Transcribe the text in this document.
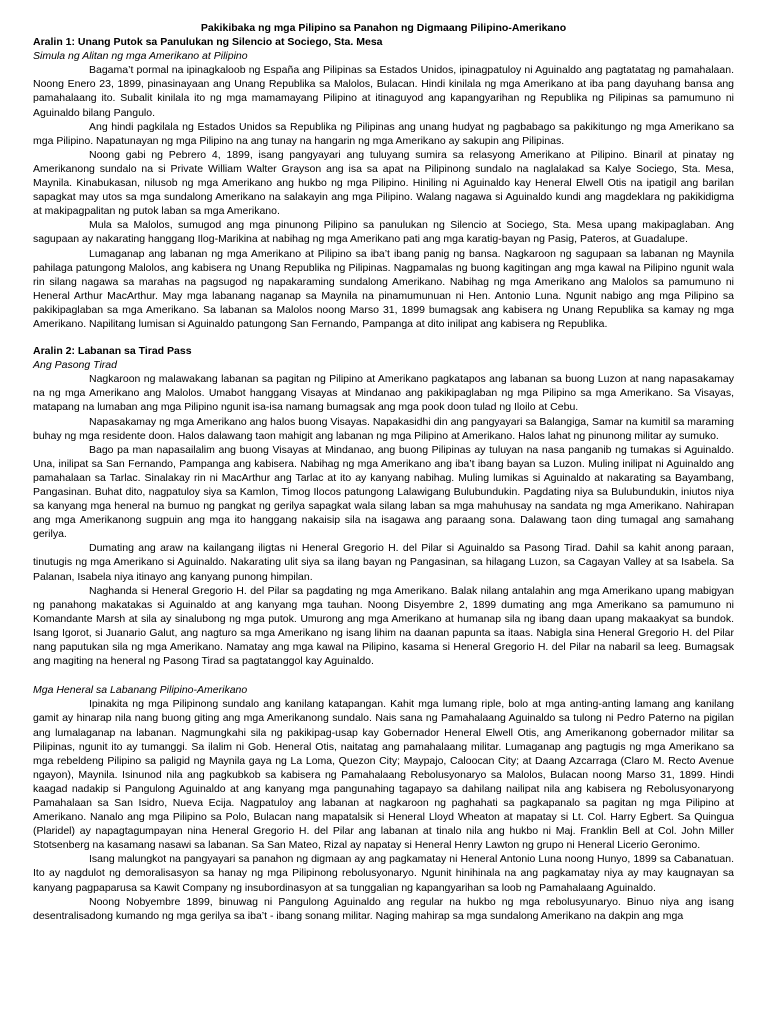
Pakikibaka ng mga Pilipino sa Panahon ng Digmaang Pilipino-Amerikano

Aralin 1: Unang Putok sa Panulukan ng Silencio at Sociego, Sta. Mesa

Simula ng Alitan ng mga Amerikano at Pilipino

Bagama’t pormal na ipinagkaloob ng España ang Pilipinas sa Estados Unidos, ipinagpatuloy ni Aguinaldo ang pagtatatag ng pamahalaan. Noong Enero 23, 1899, pinasinayaan ang Unang Republika sa Malolos, Bulacan. Hindi kinilala ng mga Amerikano at iba pang dayuhang bansa ang pamahalaang ito. Subalit kinilala ito ng mga mamamayang Pilipino at itinaguyod ang kapangyarihan ng Republika ng Pilipinas sa pamumuno ni Aguinaldo bilang Pangulo.

Ang hindi pagkilala ng Estados Unidos sa Republika ng Pilipinas ang unang hudyat ng pagbabago sa pakikitungo ng mga Amerikano sa mga Pilipino. Napatunayan ng mga Pilipino na ang tunay na hangarin ng mga Amerikano ay sakupin ang Pilipinas.

Noong gabi ng Pebrero 4, 1899, isang pangyayari ang tuluyang sumira sa relasyong Amerikano at Pilipino. Binaril at pinatay ng Amerikanong sundalo na si Private William Walter Grayson ang isa sa apat na Pilipinong sundalo na naglalakad sa Kalye Sociego, Sta. Mesa, Maynila. Kinabukasan, nilusob ng mga Amerikano ang hukbo ng mga Pilipino. Hiniling ni Aguinaldo kay Heneral Elwell Otis na ipatigil ang barilan sapagkat may utos sa mga sundalong Amerikano na salakayin ang mga Pilipino. Walang nagawa si Aguinaldo kundi ang magdeklara ng pakikidigma at makipagpalitan ng putok laban sa mga Amerikano.

Mula sa Malolos, sumugod ang mga pinunong Pilipino sa panulukan ng Silencio at Sociego, Sta. Mesa upang makipaglaban. Ang sagupaan ay nakarating hanggang Ilog-Marikina at nabihag ng mga Amerikano pati ang mga karatig-bayan ng Pasig, Pateros, at Guadalupe.

Lumaganap ang labanan ng mga Amerikano at Pilipino sa iba’t ibang panig ng bansa. Nagkaroon ng sagupaan sa labanan ng Maynila pahilaga patungong Malolos, ang kabisera ng Unang Republika ng Pilipinas. Nagpamalas ng buong kagitingan ang mga kawal na Pilipino ngunit wala rin silang nagawa sa marahas na pagsugod ng napakaraming sundalong Amerikano. Nabihag ng mga Amerikano ang Malolos sa pamumuno ni Heneral Arthur MacArthur. May mga labanang naganap sa Maynila na pinamumunuan ni Hen. Antonio Luna. Ngunit nabigo ang mga Pilipino sa pakikipaglaban sa mga Amerikano. Sa labanan sa Malolos noong Marso 31, 1899 bumagsak ang kabisera ng Unang Republika sa kamay ng mga Amerikano. Napilitang lumisan si Aguinaldo patungong San Fernando, Pampanga at dito inilipat ang kabisera ng Republika.

Aralin 2: Labanan sa Tirad Pass

Ang Pasong Tirad

Nagkaroon ng malawakang labanan sa pagitan ng Pilipino at Amerikano pagkatapos ang labanan sa buong Luzon at nang napasakamay na ng mga Amerikano ang Malolos. Umabot hanggang Visayas at Mindanao ang pakikipaglaban ng mga Pilipino sa mga Amerikano. Sa Visayas, matapang na lumaban ang mga Pilipino ngunit isa-isa namang bumagsak ang mga pook doon tulad ng Iloilo at Cebu.

Napasakamay ng mga Amerikano ang halos buong Visayas. Napakasidhi din ang pangyayari sa Balangiga, Samar na kumitil sa maraming buhay ng mga residente doon. Halos dalawang taon mahigit ang labanan ng mga Pilipino at Amerikano. Halos lahat ng pinunong militar ay sumuko.

Bago pa man napasailalim ang buong Visayas at Mindanao, ang buong Pilipinas ay tuluyan na nasa panganib ng tumakas si Aguinaldo. Una, inilipat sa San Fernando, Pampanga ang kabisera. Nabihag ng mga Amerikano ang iba’t ibang bayan sa Luzon. Muling inilipat ni Aguinaldo ang pamahalaan sa Tarlac. Sinalakay rin ni MacArthur ang Tarlac at ito ay kanyang nabihag. Muling lumikas si Aguinaldo at nakarating sa Bayambang, Pangasinan. Buhat dito, nagpatuloy siya sa Kamlon, Timog Ilocos patungong Lalawigang Bulubundukin. Pagdating niya sa Bulubundukin, iniutos niya sa kanyang mga heneral na bumuo ng pangkat ng gerilya sapagkat wala silang laban sa mga mahuhusay na sandata ng mga Amerikano. Nahirapan ang mga Amerikanong sugpuin ang mga ito hanggang nakaisip sila na isagawa ang paraang sona. Dalawang taon ding tumagal ang samahang gerilya.

Dumating ang araw na kailangang iligtas ni Heneral Gregorio H. del Pilar si Aguinaldo sa Pasong Tirad. Dahil sa kahit anong paraan, tinutugis ng mga Amerikano si Aguinaldo. Nakarating ulit siya sa ilang bayan ng Pangasinan, sa hilagang Luzon, sa Cagayan Valley at sa Isabela. Sa Palanan, Isabela niya itinayo ang kanyang punong himpilan.

Naghanda si Heneral Gregorio H. del Pilar sa pagdating ng mga Amerikano. Balak nilang antalahin ang mga Amerikano upang mabigyan ng panahong makatakas si Aguinaldo at ang kanyang mga tauhan. Noong Disyembre 2, 1899 dumating ang mga Amerikano sa pamumuno ni Komandante Marsh at sila ay sinalubong ng mga putok. Umurong ang mga Amerikano at humanap sila ng ibang daan upang makaakyat sa bundok. Isang Igorot, si Juanario Galut, ang nagturo sa mga Amerikano ng isang lihim na daanan papunta sa itaas. Nabigla sina Heneral Gregorio H. del Pilar nang paputukan sila ng mga Amerikano. Namatay ang mga kawal na Pilipino, kasama si Heneral Gregorio H. del Pilar na nabaril sa leeg. Bumagsak ang magiting na heneral ng Pasong Tirad sa pagtatanggol kay Aguinaldo.

Mga Heneral sa Labanang Pilipino-Amerikano

Ipinakita ng mga Pilipinong sundalo ang kanilang katapangan. Kahit mga lumang riple, bolo at mga anting-anting lamang ang kanilang gamit ay hinarap nila nang buong giting ang mga Amerikanong sundalo. Nais sana ng Pamahalaang Aguinaldo sa tulong ni Pedro Paterno na pigilan ang lumalaganap na labanan. Nagmungkahi sila ng pakikipag-usap kay Gobernador Heneral Elwell Otis, ang Amerikanong gobernador militar sa Pilipinas, ngunit ito ay tumanggi. Sa ilalim ni Gob. Heneral Otis, naitatag ang pamahalaang militar. Lumaganap ang pagtugis ng mga Amerikano sa mga rebeldeng Pilipino sa paligid ng Maynila gaya ng La Loma, Quezon City; Maypajo, Caloocan City; at Daang Azcarraga (Claro M. Recto Avenue ngayon), Maynila. Isinunod nila ang pagkubkob sa kabisera ng Pamahalaang Rebolusyonaryo sa Malolos, Bulacan noong Marso 31, 1899. Hindi kaagad nadakip si Pangulong Aguinaldo at ang kanyang mga pangunahing tagapayo sa dahilang nailipat nila ang kabisera ng Rebolusyonaryong Pamahalaan sa San Isidro, Nueva Ecija. Nagpatuloy ang labanan at nagkaroon ng paghahati sa pagkapanalo sa pagitan ng mga Pilipino at Amerikano. Nanalo ang mga Pilipino sa Polo, Bulacan nang mapatalsik si Heneral Lloyd Wheaton at mapatay si Lt. Col. Harry Egbert. Sa Quingua (Plaridel) ay napagtagumpayan nina Heneral Gregorio H. del Pilar ang labanan at tinalo nila ang hukbo ni Maj. Franklin Bell at Col. John Miller Stotsenberg na kasamang nasawi sa labanan. Sa San Mateo, Rizal ay napatay si Heneral Henry Lawton ng grupo ni Heneral Licerio Geronimo.

Isang malungkot na pangyayari sa panahon ng digmaan ay ang pagkamatay ni Heneral Antonio Luna noong Hunyo, 1899 sa Cabanatuan. Ito ay nagdulot ng demoralisasyon sa hanay ng mga Pilipinong rebolusyonaryo. Ngunit hinihinala na ang pagkamatay niya ay may kaugnayan sa kanyang pagpaparusa sa Kawit Company ng insubordinasyon at sa tunggalian ng kapangyarihan sa loob ng Pamahalaang Aguinaldo.

Noong Nobyembre 1899, binuwag ni Pangulong Aguinaldo ang regular na hukbo ng mga rebolusyunaryo. Binuo niya ang isang desentralisadong kumando ng mga gerilya sa iba’t - ibang sonang militar. Naging mahirap sa mga sundalong Amerikano na dakpin ang mga
